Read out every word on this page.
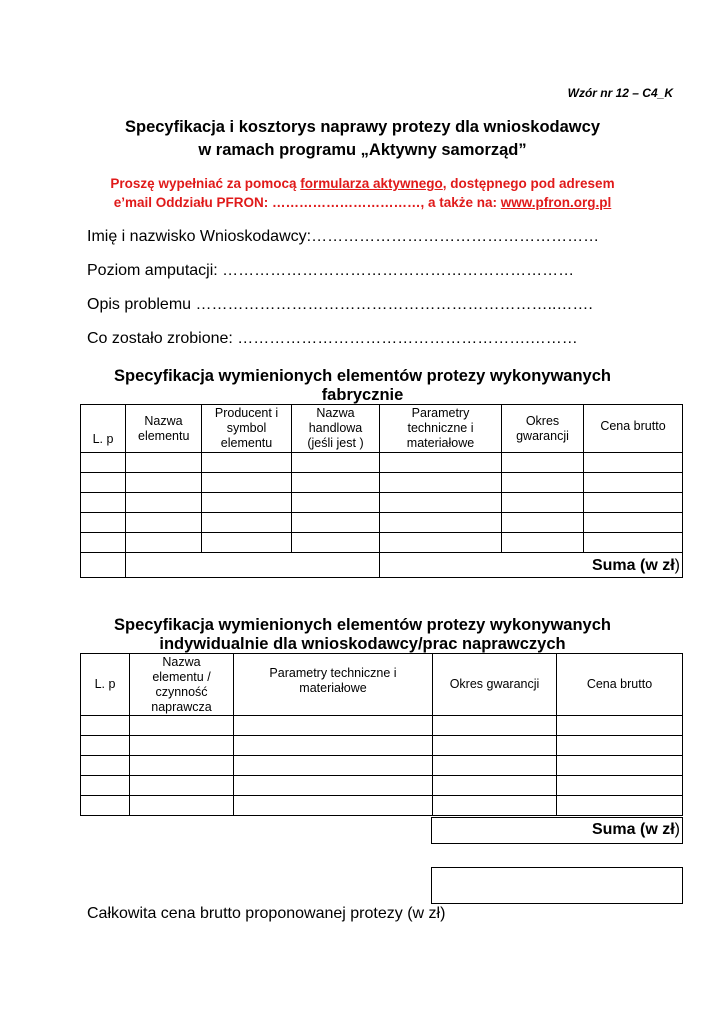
Wzór nr 12 – C4_K
Specyfikacja i kosztorys naprawy protezy dla wnioskodawcy
w ramach programu „Aktywny samorząd”
Proszę wypełniać za pomocą formularza aktywnego, dostępnego pod adresem
e’mail Oddziału PFRON: ……………………………, a także na: www.pfron.org.pl
Imię i nazwisko Wnioskodawcy:………………………………………………
Poziom amputacji: …………………………………………………………
Opis problemu …………………………………………………………..…….
Co zostało zrobione: ……………………………………………….………
Specyfikacja wymienionych elementów protezy wykonywanych
fabrycznie
L. p	Nazwa elementu	Producent i symbol elementu	Nazwa handlowa (jeśli jest )	Parametry techniczne i materiałowe	Okres gwarancji	Cena brutto

				Suma (w zł)		
Specyfikacja wymienionych elementów protezy wykonywanych
indywidualnie dla wnioskodawcy/prac naprawczych
L. p	Nazwa elementu / czynność naprawcza	Parametry techniczne i materiałowe	Okres gwarancji	Cena brutto

Suma (w zł)
Całkowita cena brutto proponowanej protezy (w zł)
